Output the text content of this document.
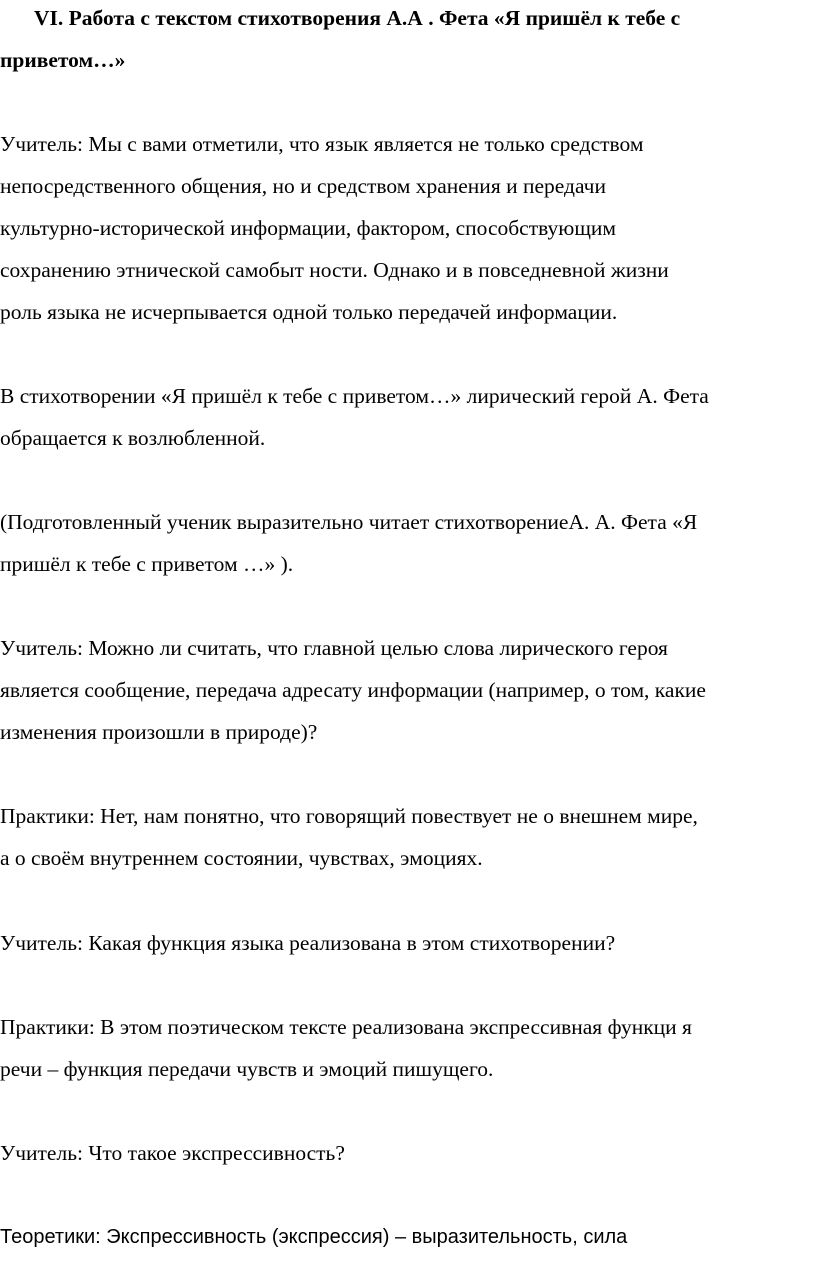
VI. Работа с текстом стихотворения А.А . Фета «Я пришёл к тебе с
приветом…»
Учитель: Мы с вами отметили, что язык является не только средством
непосредственного общения, но и средством хранения и передачи
культурно-исторической информации, фактором, способствующим
сохранению этнической самобыт ности. Однако и в повседневной жизни
роль языка не исчерпывается одной только передачей информации.
В стихотворении «Я пришёл к тебе с приветом…» лирический герой А. Фета
обращается к возлюбленной.
(Подготовленный ученик выразительно читает стихотворениеА. А. Фета «Я
пришёл к тебе с приветом …» ).
Учитель: Можно ли считать, что главной целью слова лирического героя
является сообщение, передача адресату информации (например, о том, какие
изменения произошли в природе)?
Практики: Нет, нам понятно, что говорящий повествует не о внешнем мире,
а о своём внутреннем состоянии, чувствах, эмоциях.
Учитель: Какая функция языка реализована в этом стихотворении?
Практики: В этом поэтическом тексте реализована экспрессивная функци я
речи – функция передачи чувств и эмоций пишущего.
Учитель: Что такое экспрессивность?
Теоретики: Экспрессивность (экспрессия) – выразительность, сила
